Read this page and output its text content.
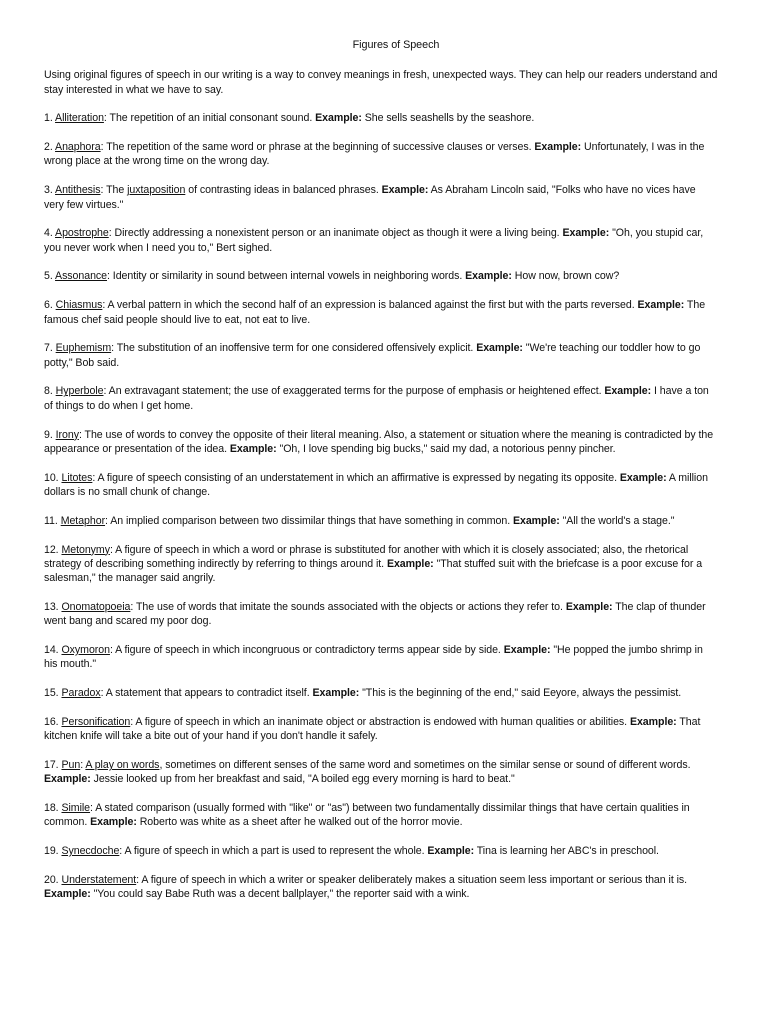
Figures of Speech

Using original figures of speech in our writing is a way to convey meanings in fresh, unexpected ways. They can help our readers understand and stay interested in what we have to say.

1. Alliteration: The repetition of an initial consonant sound. Example: She sells seashells by the seashore.

2. Anaphora: The repetition of the same word or phrase at the beginning of successive clauses or verses. Example: Unfortunately, I was in the wrong place at the wrong time on the wrong day.

3. Antithesis: The juxtaposition of contrasting ideas in balanced phrases. Example: As Abraham Lincoln said, "Folks who have no vices have very few virtues."

4. Apostrophe: Directly addressing a nonexistent person or an inanimate object as though it were a living being. Example: "Oh, you stupid car, you never work when I need you to," Bert sighed.

5. Assonance: Identity or similarity in sound between internal vowels in neighboring words. Example: How now, brown cow?

6. Chiasmus: A verbal pattern in which the second half of an expression is balanced against the first but with the parts reversed. Example: The famous chef said people should live to eat, not eat to live.

7. Euphemism: The substitution of an inoffensive term for one considered offensively explicit. Example: "We're teaching our toddler how to go potty," Bob said.

8. Hyperbole: An extravagant statement; the use of exaggerated terms for the purpose of emphasis or heightened effect. Example: I have a ton of things to do when I get home.

9. Irony: The use of words to convey the opposite of their literal meaning. Also, a statement or situation where the meaning is contradicted by the appearance or presentation of the idea. Example: "Oh, I love spending big bucks," said my dad, a notorious penny pincher.

10. Litotes: A figure of speech consisting of an understatement in which an affirmative is expressed by negating its opposite. Example: A million dollars is no small chunk of change.

11. Metaphor: An implied comparison between two dissimilar things that have something in common. Example: "All the world's a stage."

12. Metonymy: A figure of speech in which a word or phrase is substituted for another with which it is closely associated; also, the rhetorical strategy of describing something indirectly by referring to things around it. Example: "That stuffed suit with the briefcase is a poor excuse for a salesman," the manager said angrily.

13. Onomatopoeia: The use of words that imitate the sounds associated with the objects or actions they refer to. Example: The clap of thunder went bang and scared my poor dog.

14. Oxymoron: A figure of speech in which incongruous or contradictory terms appear side by side. Example: "He popped the jumbo shrimp in his mouth."

15. Paradox: A statement that appears to contradict itself. Example: "This is the beginning of the end," said Eeyore, always the pessimist.

16. Personification: A figure of speech in which an inanimate object or abstraction is endowed with human qualities or abilities. Example: That kitchen knife will take a bite out of your hand if you don't handle it safely.

17. Pun: A play on words, sometimes on different senses of the same word and sometimes on the similar sense or sound of different words. Example: Jessie looked up from her breakfast and said, "A boiled egg every morning is hard to beat."

18. Simile: A stated comparison (usually formed with "like" or "as") between two fundamentally dissimilar things that have certain qualities in common. Example: Roberto was white as a sheet after he walked out of the horror movie.

19. Synecdoche: A figure of speech in which a part is used to represent the whole. Example: Tina is learning her ABC's in preschool.

20. Understatement: A figure of speech in which a writer or speaker deliberately makes a situation seem less important or serious than it is. Example: "You could say Babe Ruth was a decent ballplayer," the reporter said with a wink.
